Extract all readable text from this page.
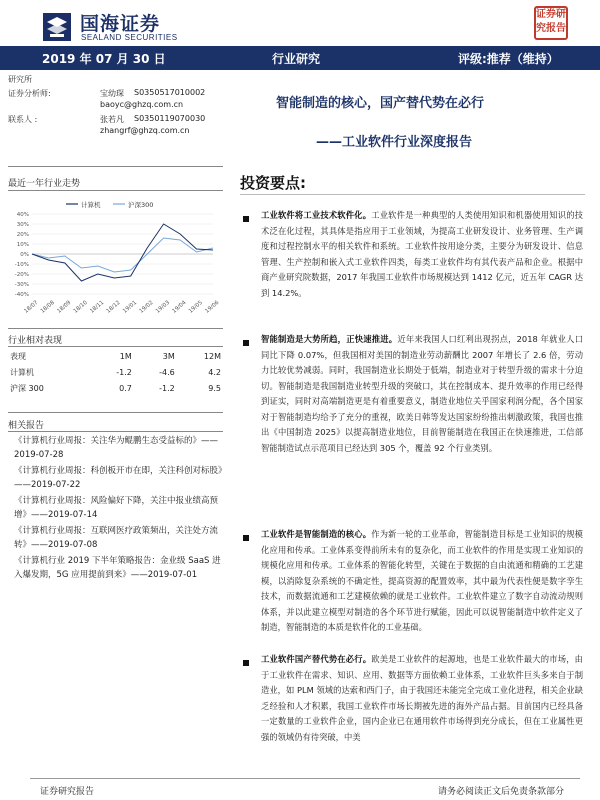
国海证券
SEALAND SECURITIES
证券研究报告
2019 年 07 月 30 日	行业研究	评级:推荐（维持）
研究所
证券分析师:	宝幼琛 S0350517010002
baoyc@ghzq.com.cn
联系人 :	张若凡 S0350119070030
zhangrf@ghzq.com.cn
智能制造的核心，国产替代势在必行
——工业软件行业深度报告
最近一年行业走势
-40%
-30%
-20%
-10%
0%
10%
20%
30%
40%
18/07 18/08 18/09 18/10 18/11 18/12 19/01 19/02 19/03 19/04 19/05 19/06
计算机	沪深300
行业相对表现
表现	1M	3M	12M
计算机	-1.2	-4.6	4.2
沪深 300	0.7	-1.2	9.5
相关报告
《计算机行业周报：关注华为鲲鹏生态受益标的》——2019-07-28
《计算机行业周报：科创板开市在即，关注科创对标股》——2019-07-22
《计算机行业周报：风险偏好下降，关注中报业绩高预增》——2019-07-14
《计算机行业周报：互联网医疗政策频出，关注处方流转》——2019-07-08
《计算机行业 2019 下半年策略报告：金业级 SaaS 进入爆发期，5G 应用提前到来》——2019-07-01
投资要点:
工业软件将工业技术软件化。工业软件是一种典型的人类使用知识和机器使用知识的技术泛在化过程，其具体是指应用于工业领域，为提高工业研发设计、业务管理、生产调度和过程控制水平的相关软件和系统。工业软件按用途分类，主要分为研发设计、信息管理、生产控制和嵌入式工业软件四类，每类工业软件均有其代表产品和企业。根据中商产业研究院数据，2017 年我国工业软件市场规模达到 1412 亿元，近五年 CAGR 达到 14.2%。
智能制造是大势所趋，正快速推进。近年来我国人口红利出现拐点，2018 年就业人口同比下降 0.07%，但我国相对美国的制造业劳动薪酬比 2007 年增长了 2.6 倍，劳动力比较优势减弱。同时，我国制造业长期处于低端，制造业对于转型升级的需求十分迫切。智能制造是我国制造业转型升级的突破口，其在控制成本、提升效率的作用已经得到证实，同时对高端制造更是有着重要意义，制造业地位关乎国家利润分配，各个国家对于智能制造均给予了充分的重视，欧美日韩等发达国家纷纷推出刺激政策，我国也推出《中国制造 2025》以提高制造业地位，目前智能制造在我国正在快速推进，工信部智能制造试点示范项目已经达到 305 个，覆盖 92 个行业类别。
工业软件是智能制造的核心。作为新一轮的工业革命，智能制造目标是工业知识的规模化应用和传承。工业体系变得前所未有的复杂化，而工业软件的作用是实现工业知识的规模化应用和传承。工业体系的智能化转型，关键在于数据的自由流通和精确的工艺建模，以消除复杂系统的不确定性，提高资源的配置效率，其中最为代表性便是数字孪生技术，而数据流通和工艺建模依赖的就是工业软件。工业软件建立了数字自动流动规则体系，并以此建立模型对制造的各个环节进行赋能，因此可以说智能制造中软件定义了制造，智能制造的本质是软件化的工业基础。
工业软件国产替代势在必行。欧美是工业软件的起源地，也是工业软件最大的市场，由于工业软件在需求、知识、应用、数据等方面依赖工业体系，工业软件巨头多来自于制造业，如 PLM 领域的达索和西门子，由于我国还未能完全完成工业化进程，相关企业缺乏经验和人才积累，我国工业软件市场长期被先进的海外产品占据。目前国内已经具备一定数量的工业软件企业，国内企业已在通用软件市场得到充分成长，但在工业属性更强的领域仍有待突破，中美
证券研究报告	请务必阅读正文后免责条款部分
